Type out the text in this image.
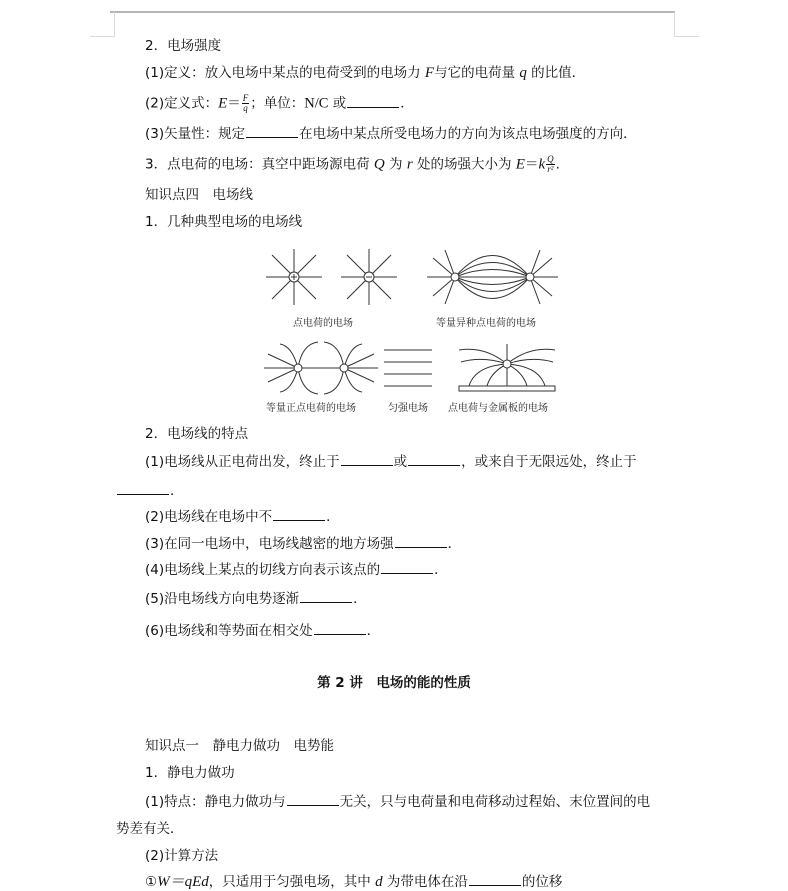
2．电场强度
(1)定义：放入电场中某点的电荷受到的电场力 F与它的电荷量 q 的比值．
(2)定义式：$E= \frac{F}{q}$ ；单位：N/C 或	．
(3)矢量性：规定	在电场中某点所受电场力的方向为该点电场强度的方向．
3．点电荷的电场：真空中距场源电荷 Q 为 r 处的场强大小为 $E=k \frac{Q}{\text{r²}}$ .
知识点四　电场线
1．几种典型电场的电场线
点电荷的电场	等量异种点电荷的电场
等量正点电荷的电场	匀强电场 点电荷与金属板的电场
2．电场线的特点
(1)电场线从正电荷出发，终止于	或	，或来自于无限远处，终止于
．
(2)电场线在电场中不	．
(3)在同一电场中，电场线越密的地方场强	．
(4)电场线上某点的切线方向表示该点的	．
(5)沿电场线方向电势逐渐	．
(6)电场线和等势面在相交处	．
第 2 讲　电场的能的性质
知识点一　静电力做功　电势能
1．静电力做功
(1)特点：静电力做功与	无关，只与电荷量和电荷移动过程始、末位置间的电
势差有关．
(2)计算方法
①W＝qEd，只适用于匀强电场，其中 d 为带电体在沿	的位移
